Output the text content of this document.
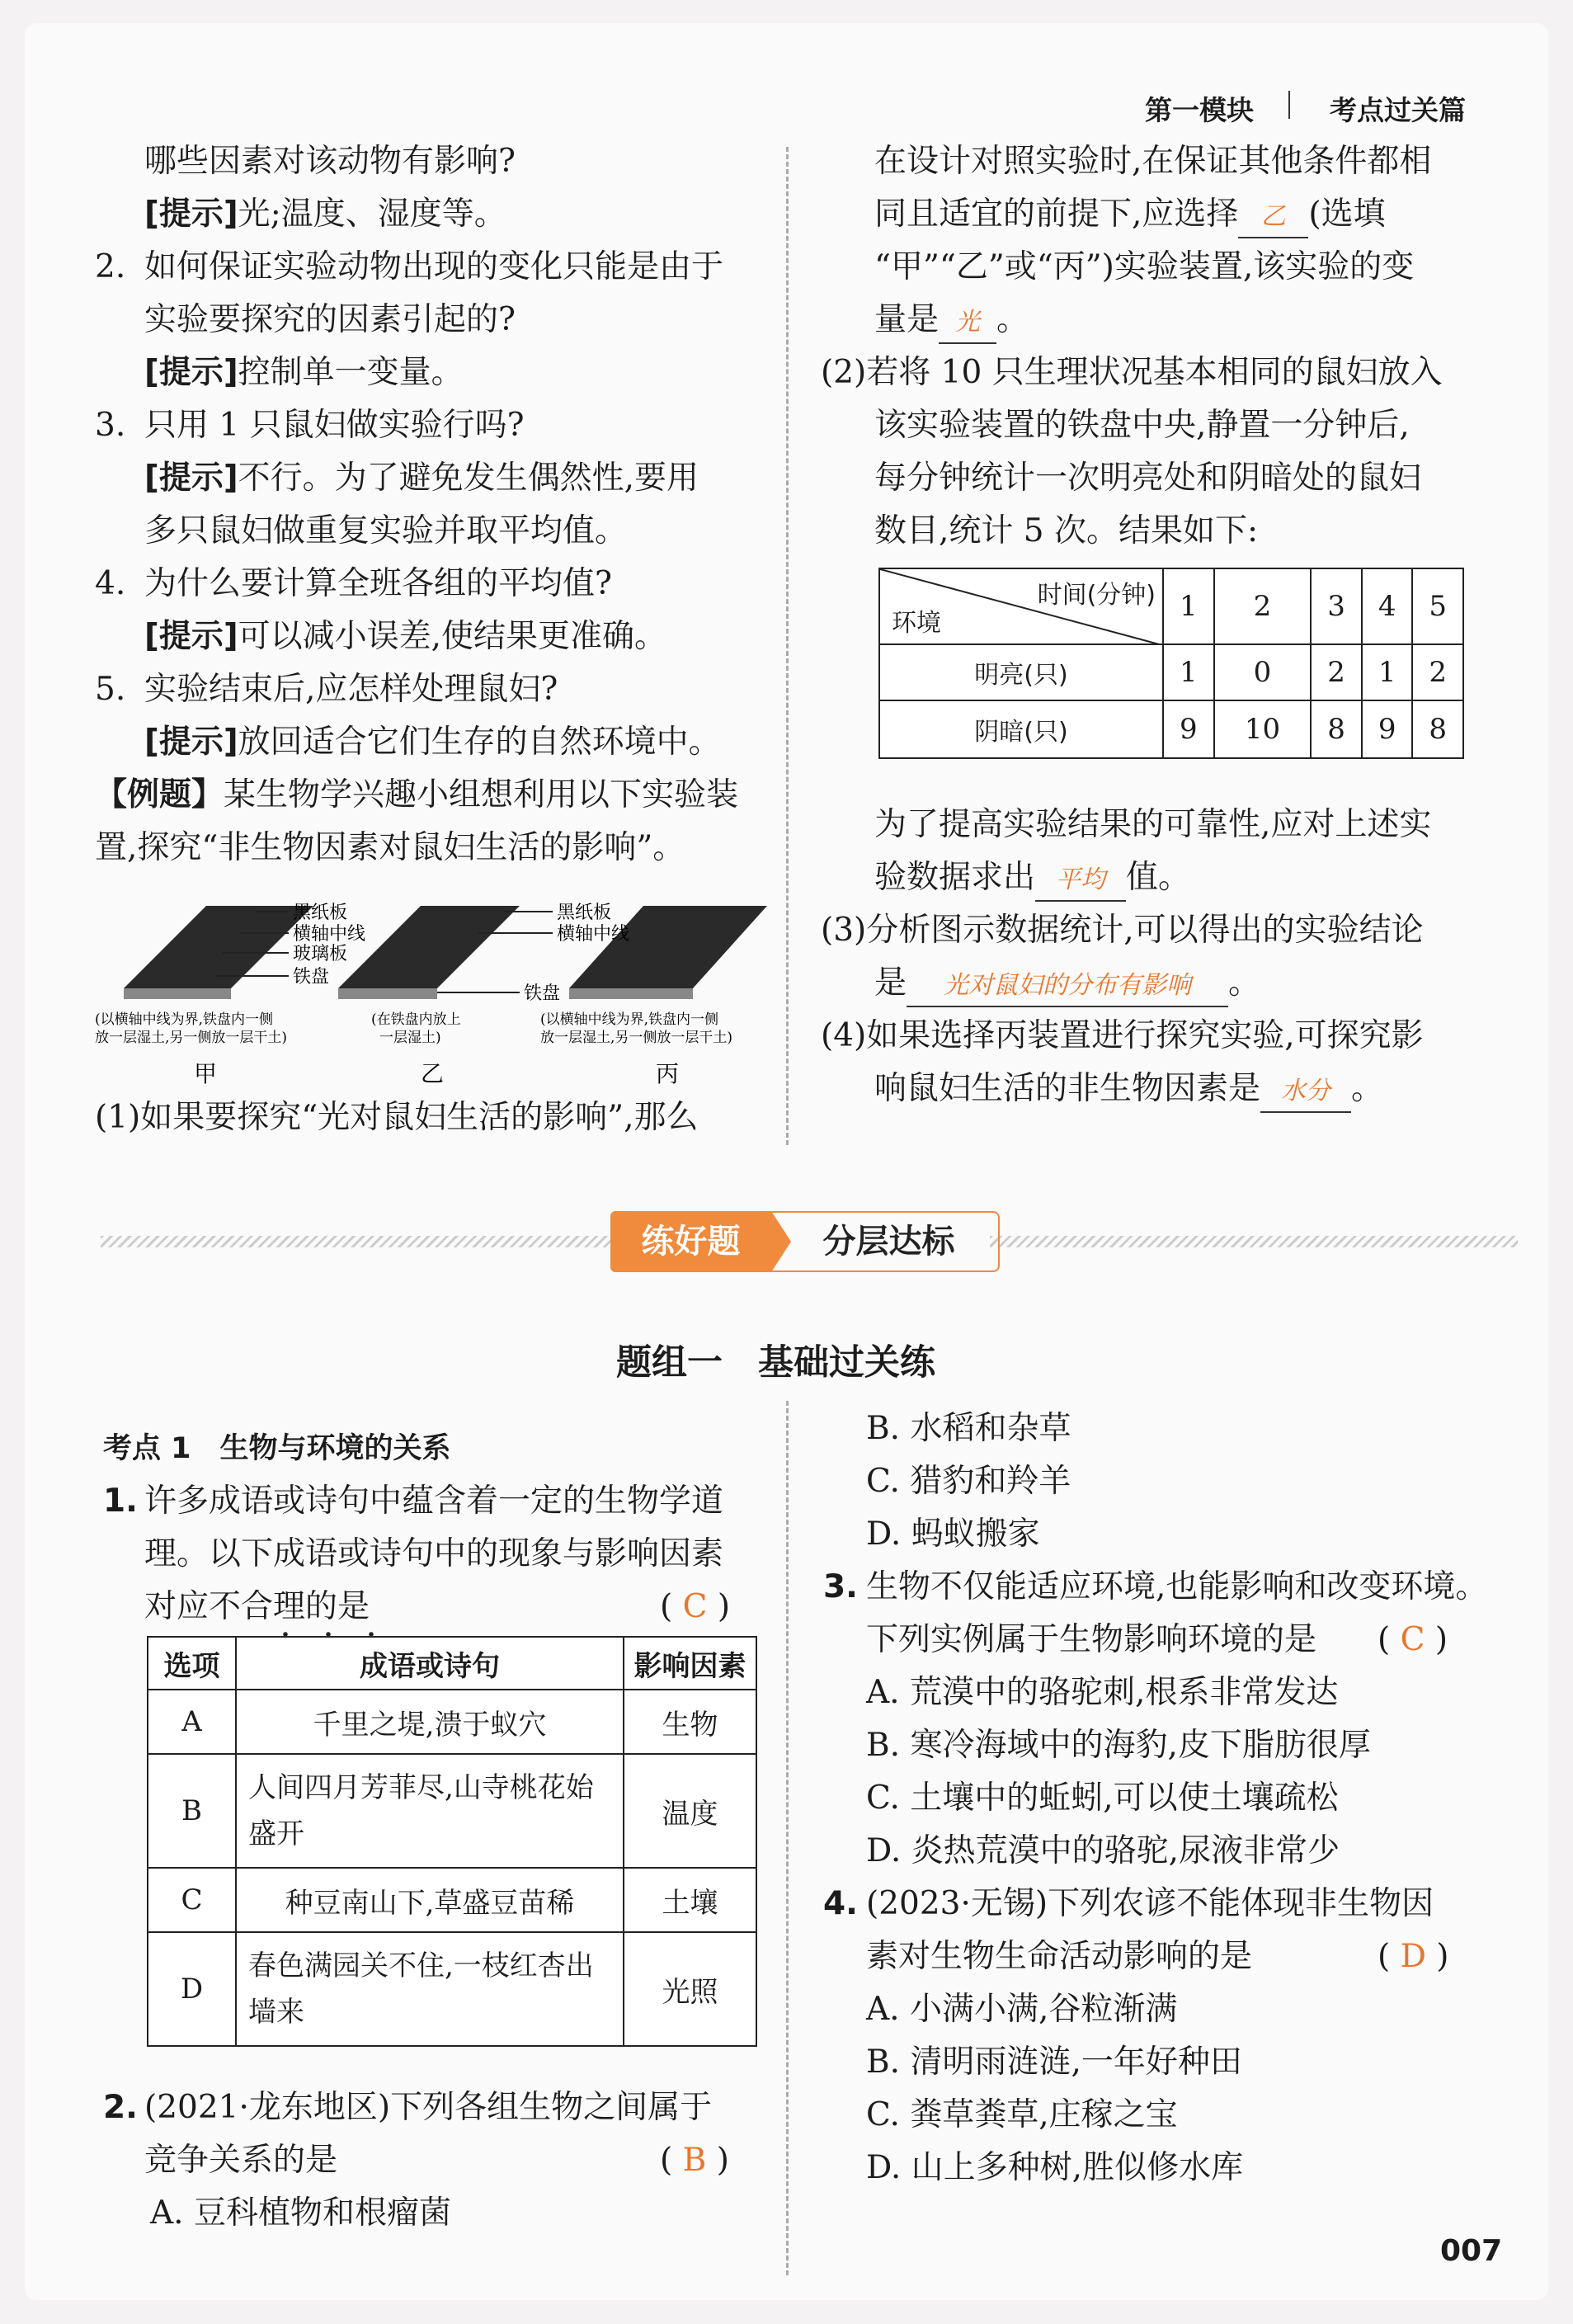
第一模块	考点过关篇
哪些因素对该动物有影响?
[提示]光;温度、湿度等。
2. 如何保证实验动物出现的变化只能是由于
实验要探究的因素引起的?
[提示]控制单一变量。
3. 只用 1 只鼠妇做实验行吗?
[提示]不行。为了避免发生偶然性,要用
多只鼠妇做重复实验并取平均值。
4. 为什么要计算全班各组的平均值?
[提示]可以减小误差,使结果更准确。
5. 实验结束后,应怎样处理鼠妇?
[提示]放回适合它们生存的自然环境中。
【例题】某生物学兴趣小组想利用以下实验装
置,探究“非生物因素对鼠妇生活的影响”。
黑纸板
横轴中线
玻璃板
铁盘
黑纸板
横轴中线
铁盘
(以横轴中线为界,铁盘内一侧
放一层湿土,另一侧放一层干土)
(在铁盘内放上
一层湿土)
(以横轴中线为界,铁盘内一侧
放一层湿土,另一侧放一层干土)
甲	乙	丙
(1)如果要探究“光对鼠妇生活的影响”,那么
在设计对照实验时,在保证其他条件都相
同且适宜的前提下,应选择 乙 (选填
“甲”“乙”或“丙”)实验装置,该实验的变
量是 光 。
(2)若将 10 只生理状况基本相同的鼠妇放入
该实验装置的铁盘中央,静置一分钟后,
每分钟统计一次明亮处和阴暗处的鼠妇
数目,统计 5 次。结果如下:
时间(分钟)
环境	1	2	3	4	5
明亮(只)	1	0	2	1	2
阴暗(只)	9	10	8	9	8
为了提高实验结果的可靠性,应对上述实
验数据求出 平均 值。
(3)分析图示数据统计,可以得出的实验结论
是 光对鼠妇的分布有影响 。
(4)如果选择丙装置进行探究实验,可探究影
响鼠妇生活的非生物因素是 水分 。
练好题	分层达标
题组一　基础过关练
考点 1　生物与环境的关系
1. 许多成语或诗句中蕴含着一定的生物学道
理。以下成语或诗句中的现象与影响因素
对应不合理的是	( C )
选项	成语或诗句	影响因素
A	千里之堤,溃于蚁穴	生物
B	人间四月芳菲尽,山寺桃花始
盛开	温度
C	种豆南山下,草盛豆苗稀	土壤
D	春色满园关不住,一枝红杏出
墙来	光照
2. (2021·龙东地区)下列各组生物之间属于
竞争关系的是	( B )
A. 豆科植物和根瘤菌
B. 水稻和杂草
C. 猎豹和羚羊
D. 蚂蚁搬家
3. 生物不仅能适应环境,也能影响和改变环境。
下列实例属于生物影响环境的是 ( C )
A. 荒漠中的骆驼刺,根系非常发达
B. 寒冷海域中的海豹,皮下脂肪很厚
C. 土壤中的蚯蚓,可以使土壤疏松
D. 炎热荒漠中的骆驼,尿液非常少
4. (2023·无锡)下列农谚不能体现非生物因
素对生物生命活动影响的是	( D )
A. 小满小满,谷粒渐满
B. 清明雨涟涟,一年好种田
C. 粪草粪草,庄稼之宝
D. 山上多种树,胜似修水库
007
